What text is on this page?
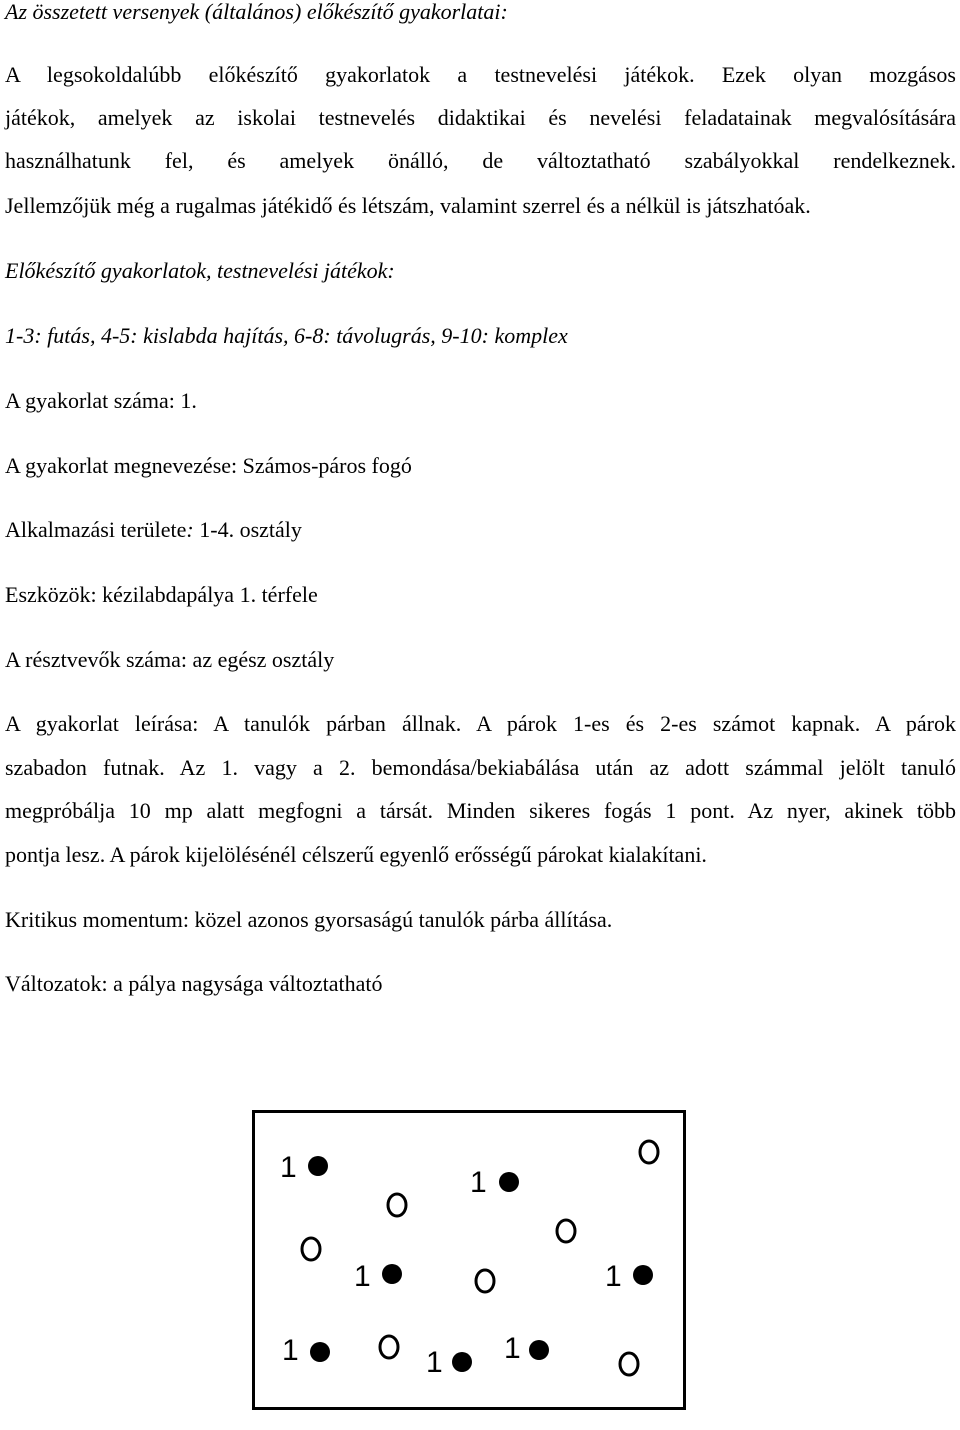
Az összetett versenyek (általános) előkészítő gyakorlatai:
A legsokoldalúbb előkészítő gyakorlatok a testnevelési játékok. Ezek olyan mozgásos
játékok, amelyek az iskolai testnevelés didaktikai és nevelési feladatainak megvalósítására
használhatunk fel, és amelyek önálló, de változtatható szabályokkal rendelkeznek.
Jellemzőjük még a rugalmas játékidő és létszám, valamint szerrel és a nélkül is játszhatóak.
Előkészítő gyakorlatok, testnevelési játékok:
1-3: futás, 4-5: kislabda hajítás, 6-8: távolugrás, 9-10: komplex
A gyakorlat száma: 1.
A gyakorlat megnevezése: Számos-páros fogó
Alkalmazási területe: 1-4. osztály
Eszközök: kézilabdapálya 1. térfele
A résztvevők száma: az egész osztály
A gyakorlat leírása: A tanulók párban állnak. A párok 1-es és 2-es számot kapnak. A párok
szabadon futnak. Az 1. vagy a 2. bemondása/bekiabálása után az adott számmal jelölt tanuló
megpróbálja 10 mp alatt megfogni a társát. Minden sikeres fogás 1 pont. Az nyer, akinek több
pontja lesz. A párok kijelölésénél célszerű egyenlő erősségű párokat kialakítani.
Kritikus momentum: közel azonos gyorsaságú tanulók párba állítása.
Változatok: a pálya nagysága változtatható
1	1
1	1
1	1 1
